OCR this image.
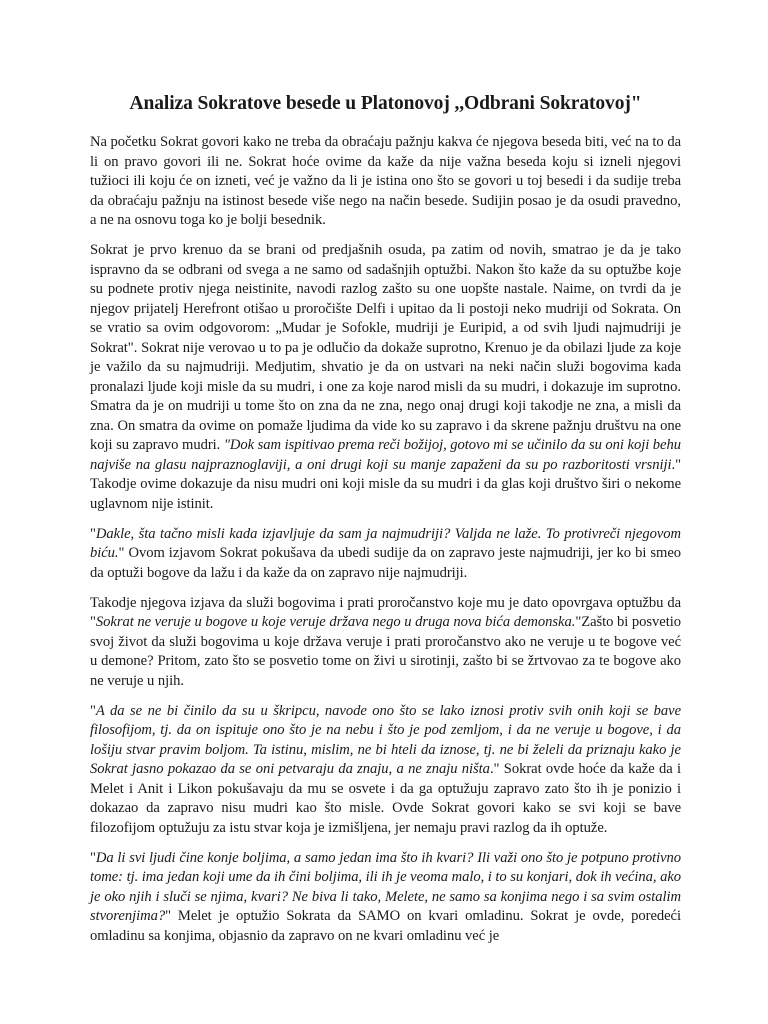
Analiza Sokratove besede u Platonovoj ,,Odbrani Sokratovoj"

Na početku Sokrat govori kako ne treba da obraćaju pažnju kakva će njegova beseda biti, već na to da li on pravo govori ili ne. Sokrat hoće ovime da kaže da nije važna beseda koju si izneli njegovi tužioci ili koju će on izneti, već je važno da li je istina ono što se govori u toj besedi i da sudije treba da obraćaju pažnju na istinost besede više nego na način besede. Sudijin posao je da osudi pravedno, a ne na osnovu toga ko je bolji besednik.

Sokrat je prvo krenuo da se brani od predjašnih osuda, pa zatim od novih, smatrao je da je tako ispravno da se odbrani od svega a ne samo od sadašnjih optužbi. Nakon što kaže da su optužbe koje su podnete protiv njega neistinite, navodi razlog zašto su one uopšte nastale. Naime, on tvrdi da je njegov prijatelj Herefront otišao u proročište Delfi i upitao da li postoji neko mudriji od Sokrata. On se vratio sa ovim odgovorom: „Mudar je Sofokle, mudriji je Euripid, a od svih ljudi najmudriji je Sokrat". Sokrat nije verovao u to pa je odlučio da dokaže suprotno, Krenuo je da obilazi ljude za koje je važilo da su najmudriji. Medjutim, shvatio je da on ustvari na neki način služi bogovima kada pronalazi ljude koji misle da su mudri, i one za koje narod misli da su mudri, i dokazuje im suprotno. Smatra da je on mudriji u tome što on zna da ne zna, nego onaj drugi koji takodje ne zna, a misli da zna. On smatra da ovime on pomaže ljudima da vide ko su zapravo i da skrene pažnju društvu na one koji su zapravo mudri. "Dok sam ispitivao prema reči božijoj, gotovo mi se učinilo da su oni koji behu najviše na glasu najpraznoglaviji, a oni drugi koji su manje zapaženi da su po razboritosti vrsniji." Takodje ovime dokazuje da nisu mudri oni koji misle da su mudri i da glas koji društvo širi o nekome uglavnom nije istinit.

"Dakle, šta tačno misli kada izjavljuje da sam ja najmudriji? Valjda ne laže. To protivreči njegovom biću." Ovom izjavom Sokrat pokušava da ubedi sudije da on zapravo jeste najmudriji, jer ko bi smeo da optuži bogove da lažu i da kaže da on zapravo nije najmudriji.

Takodje njegova izjava da služi bogovima i prati proročanstvo koje mu je dato opovrgava optužbu da "Sokrat ne veruje u bogove u koje veruje država nego u druga nova bića demonska."Zašto bi posvetio svoj život da služi bogovima u koje država veruje i prati proročanstvo ako ne veruje u te bogove već u demone? Pritom, zato što se posvetio tome on živi u sirotinji, zašto bi se žrtvovao za te bogove ako ne veruje u njih.

"A da se ne bi činilo da su u škripcu, navode ono što se lako iznosi protiv svih onih koji se bave filosofijom, tj. da on ispituje ono što je na nebu i što je pod zemljom, i da ne veruje u bogove, i da lošiju stvar pravim boljom. Ta istinu, mislim, ne bi hteli da iznose, tj. ne bi želeli da priznaju kako je Sokrat jasno pokazao da se oni petvaraju da znaju, a ne znaju ništa." Sokrat ovde hoće da kaže da i Melet i Anit i Likon pokušavaju da mu se osvete i da ga optužuju zapravo zato što ih je ponizio i dokazao da zapravo nisu mudri kao što misle. Ovde Sokrat govori kako se svi koji se bave filozofijom optužuju za istu stvar koja je izmišljena, jer nemaju pravi razlog da ih optuže.

"Da li svi ljudi čine konje boljima, a samo jedan ima što ih kvari? Ili važi ono što je potpuno protivno tome: tj. ima jedan koji ume da ih čini boljima, ili ih je veoma malo, i to su konjari, dok ih većina, ako je oko njih i sluči se njima, kvari? Ne biva li tako, Melete, ne samo sa konjima nego i sa svim ostalim stvorenjima?" Melet je optužio Sokrata da SAMO on kvari omladinu. Sokrat je ovde, poredeći omladinu sa konjima, objasnio da zapravo on ne kvari omladinu već je
